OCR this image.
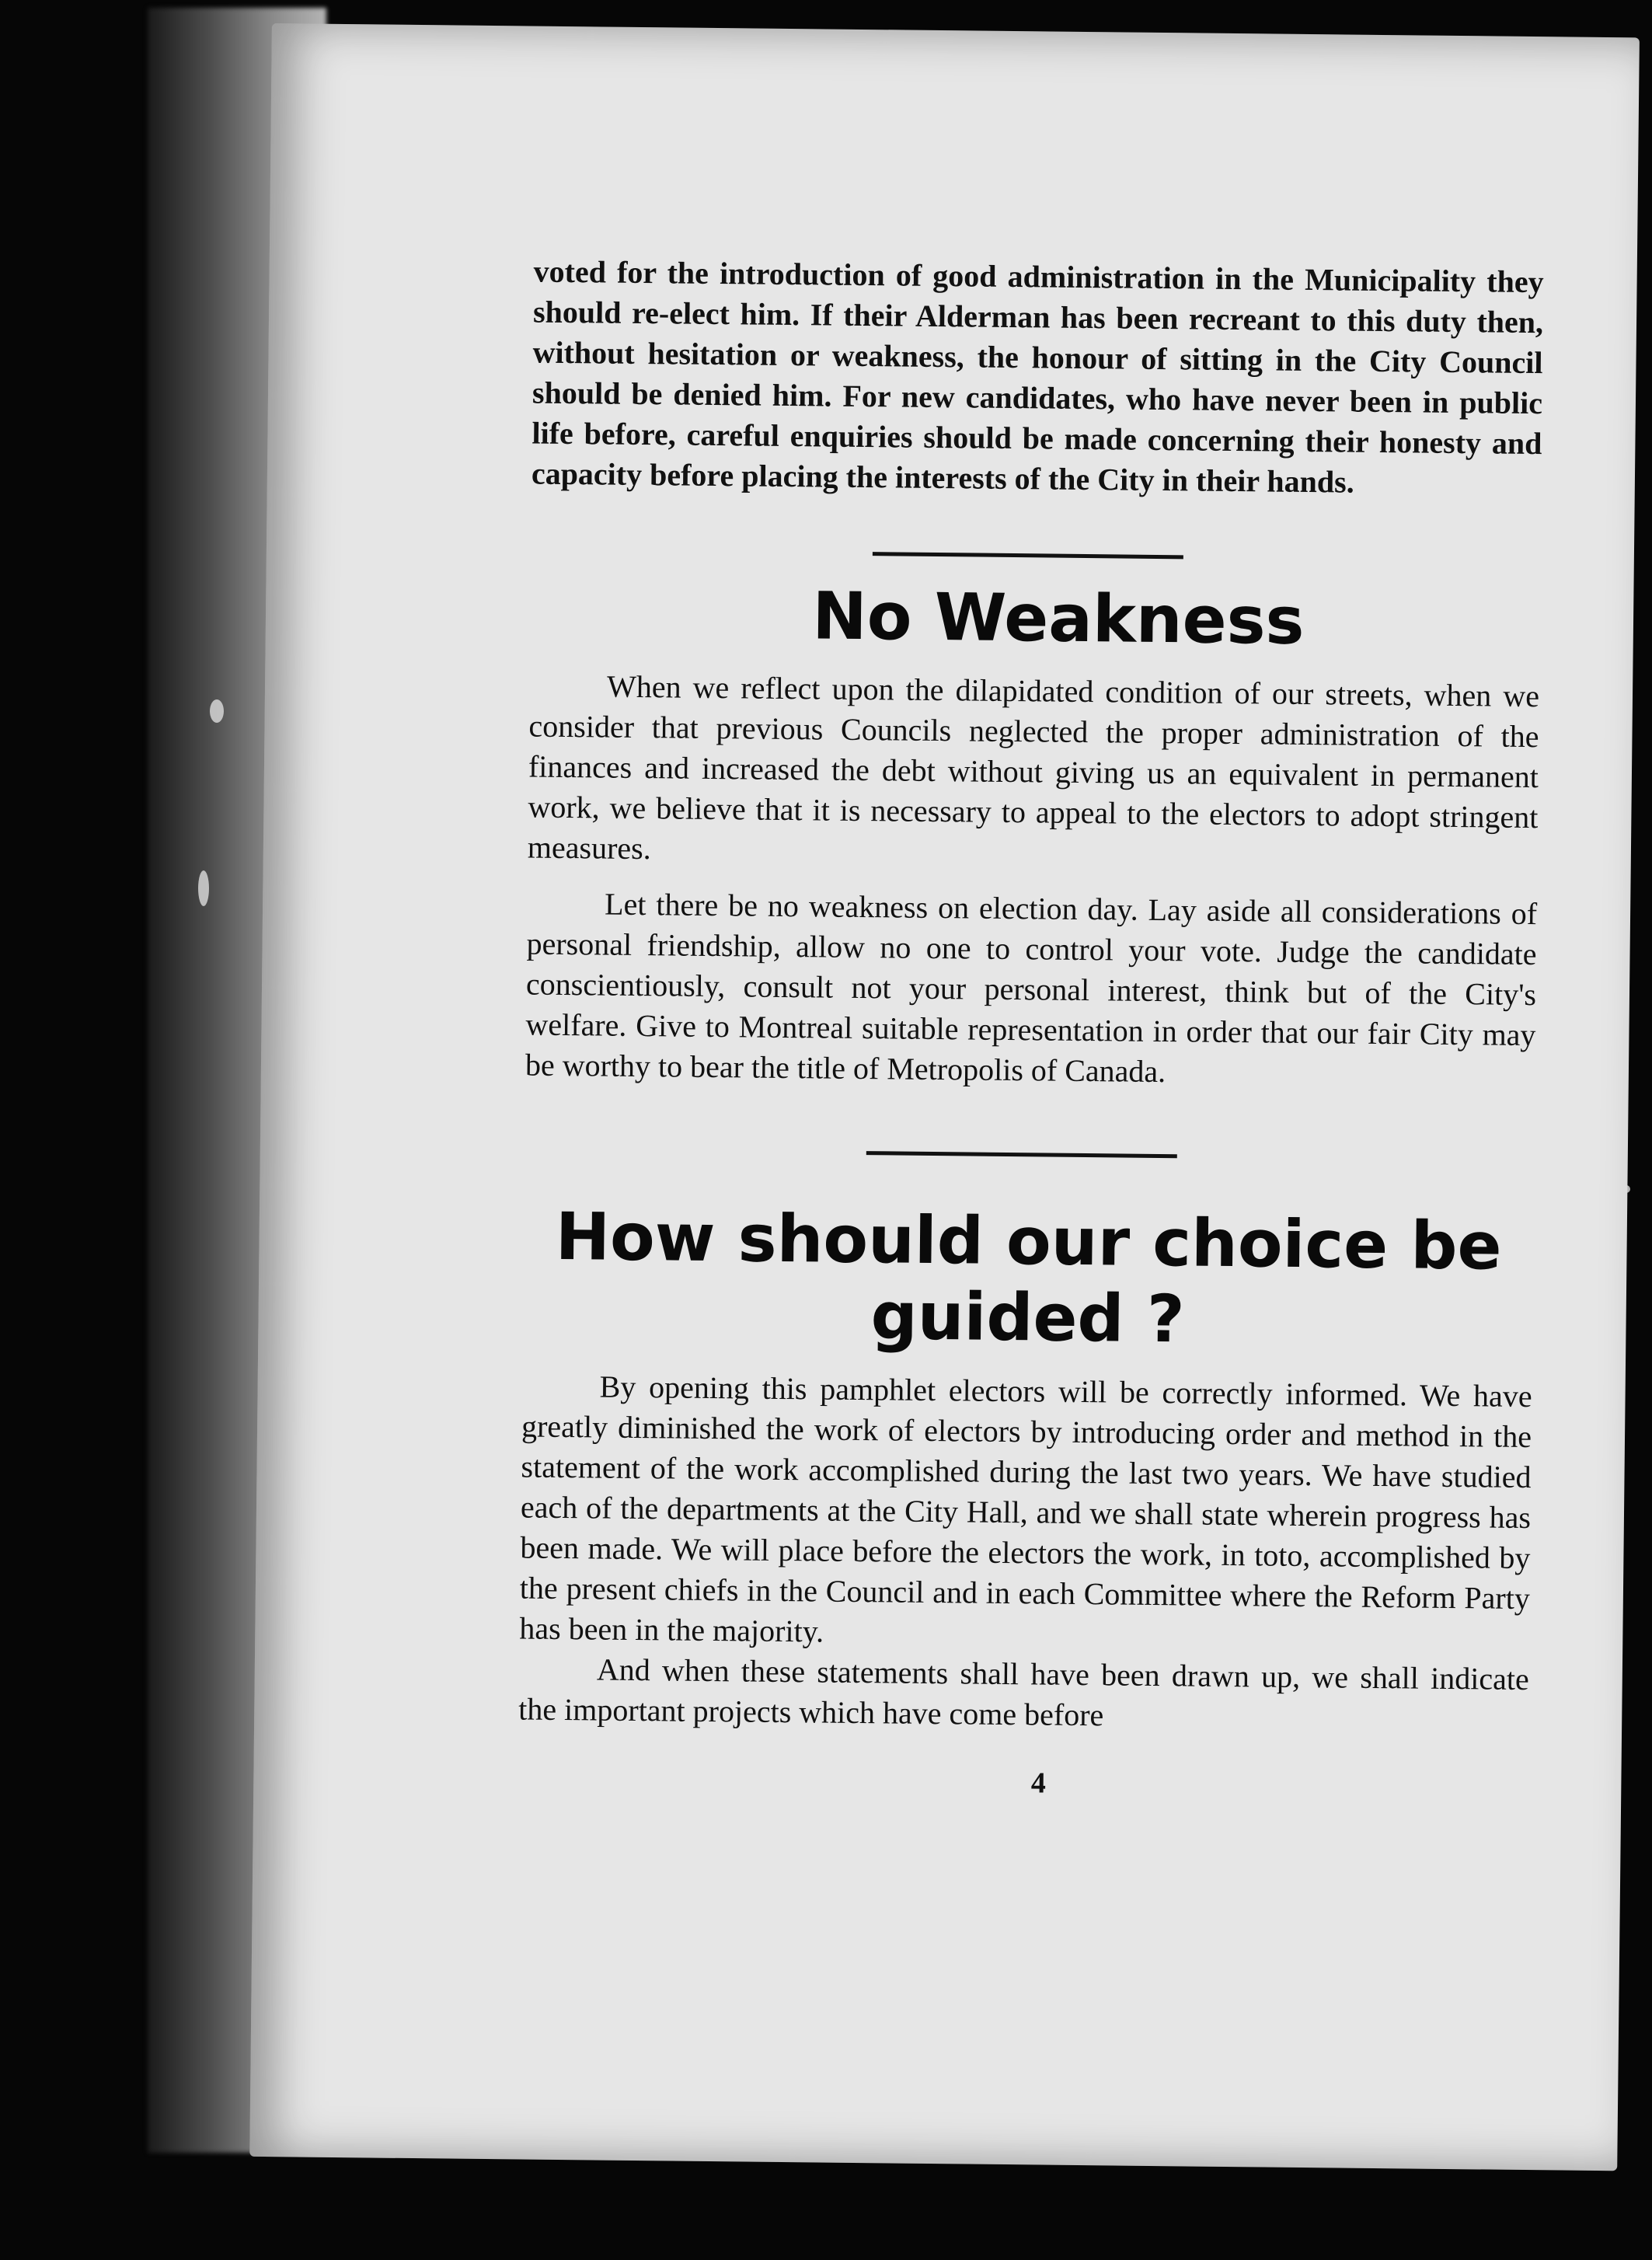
voted for the introduction of good administration in the Municipality they should re-elect him. If their Alderman has been recreant to this duty then, without hesitation or weakness, the honour of sitting in the City Council should be denied him. For new candidates, who have never been in public life before, careful enquiries should be made concerning their honesty and capacity before placing the interests of the City in their hands.

No Weakness

When we reflect upon the dilapidated condition of our streets, when we consider that previous Councils neglected the proper administration of the finances and increased the debt without giving us an equivalent in permanent work, we believe that it is necessary to appeal to the electors to adopt stringent measures.

Let there be no weakness on election day. Lay aside all considerations of personal friendship, allow no one to control your vote. Judge the candidate conscientiously, consult not your personal interest, think but of the City's welfare. Give to Montreal suitable representation in order that our fair City may be worthy to bear the title of Metropolis of Canada.

How should our choice be
guided ?

By opening this pamphlet electors will be correctly informed. We have greatly diminished the work of electors by introducing order and method in the statement of the work accomplished during the last two years. We have studied each of the departments at the City Hall, and we shall state wherein progress has been made. We will place before the electors the work, in toto, accomplished by the present chiefs in the Council and in each Committee where the Reform Party has been in the majority.

And when these statements shall have been drawn up, we shall indicate the important projects which have come before

4
